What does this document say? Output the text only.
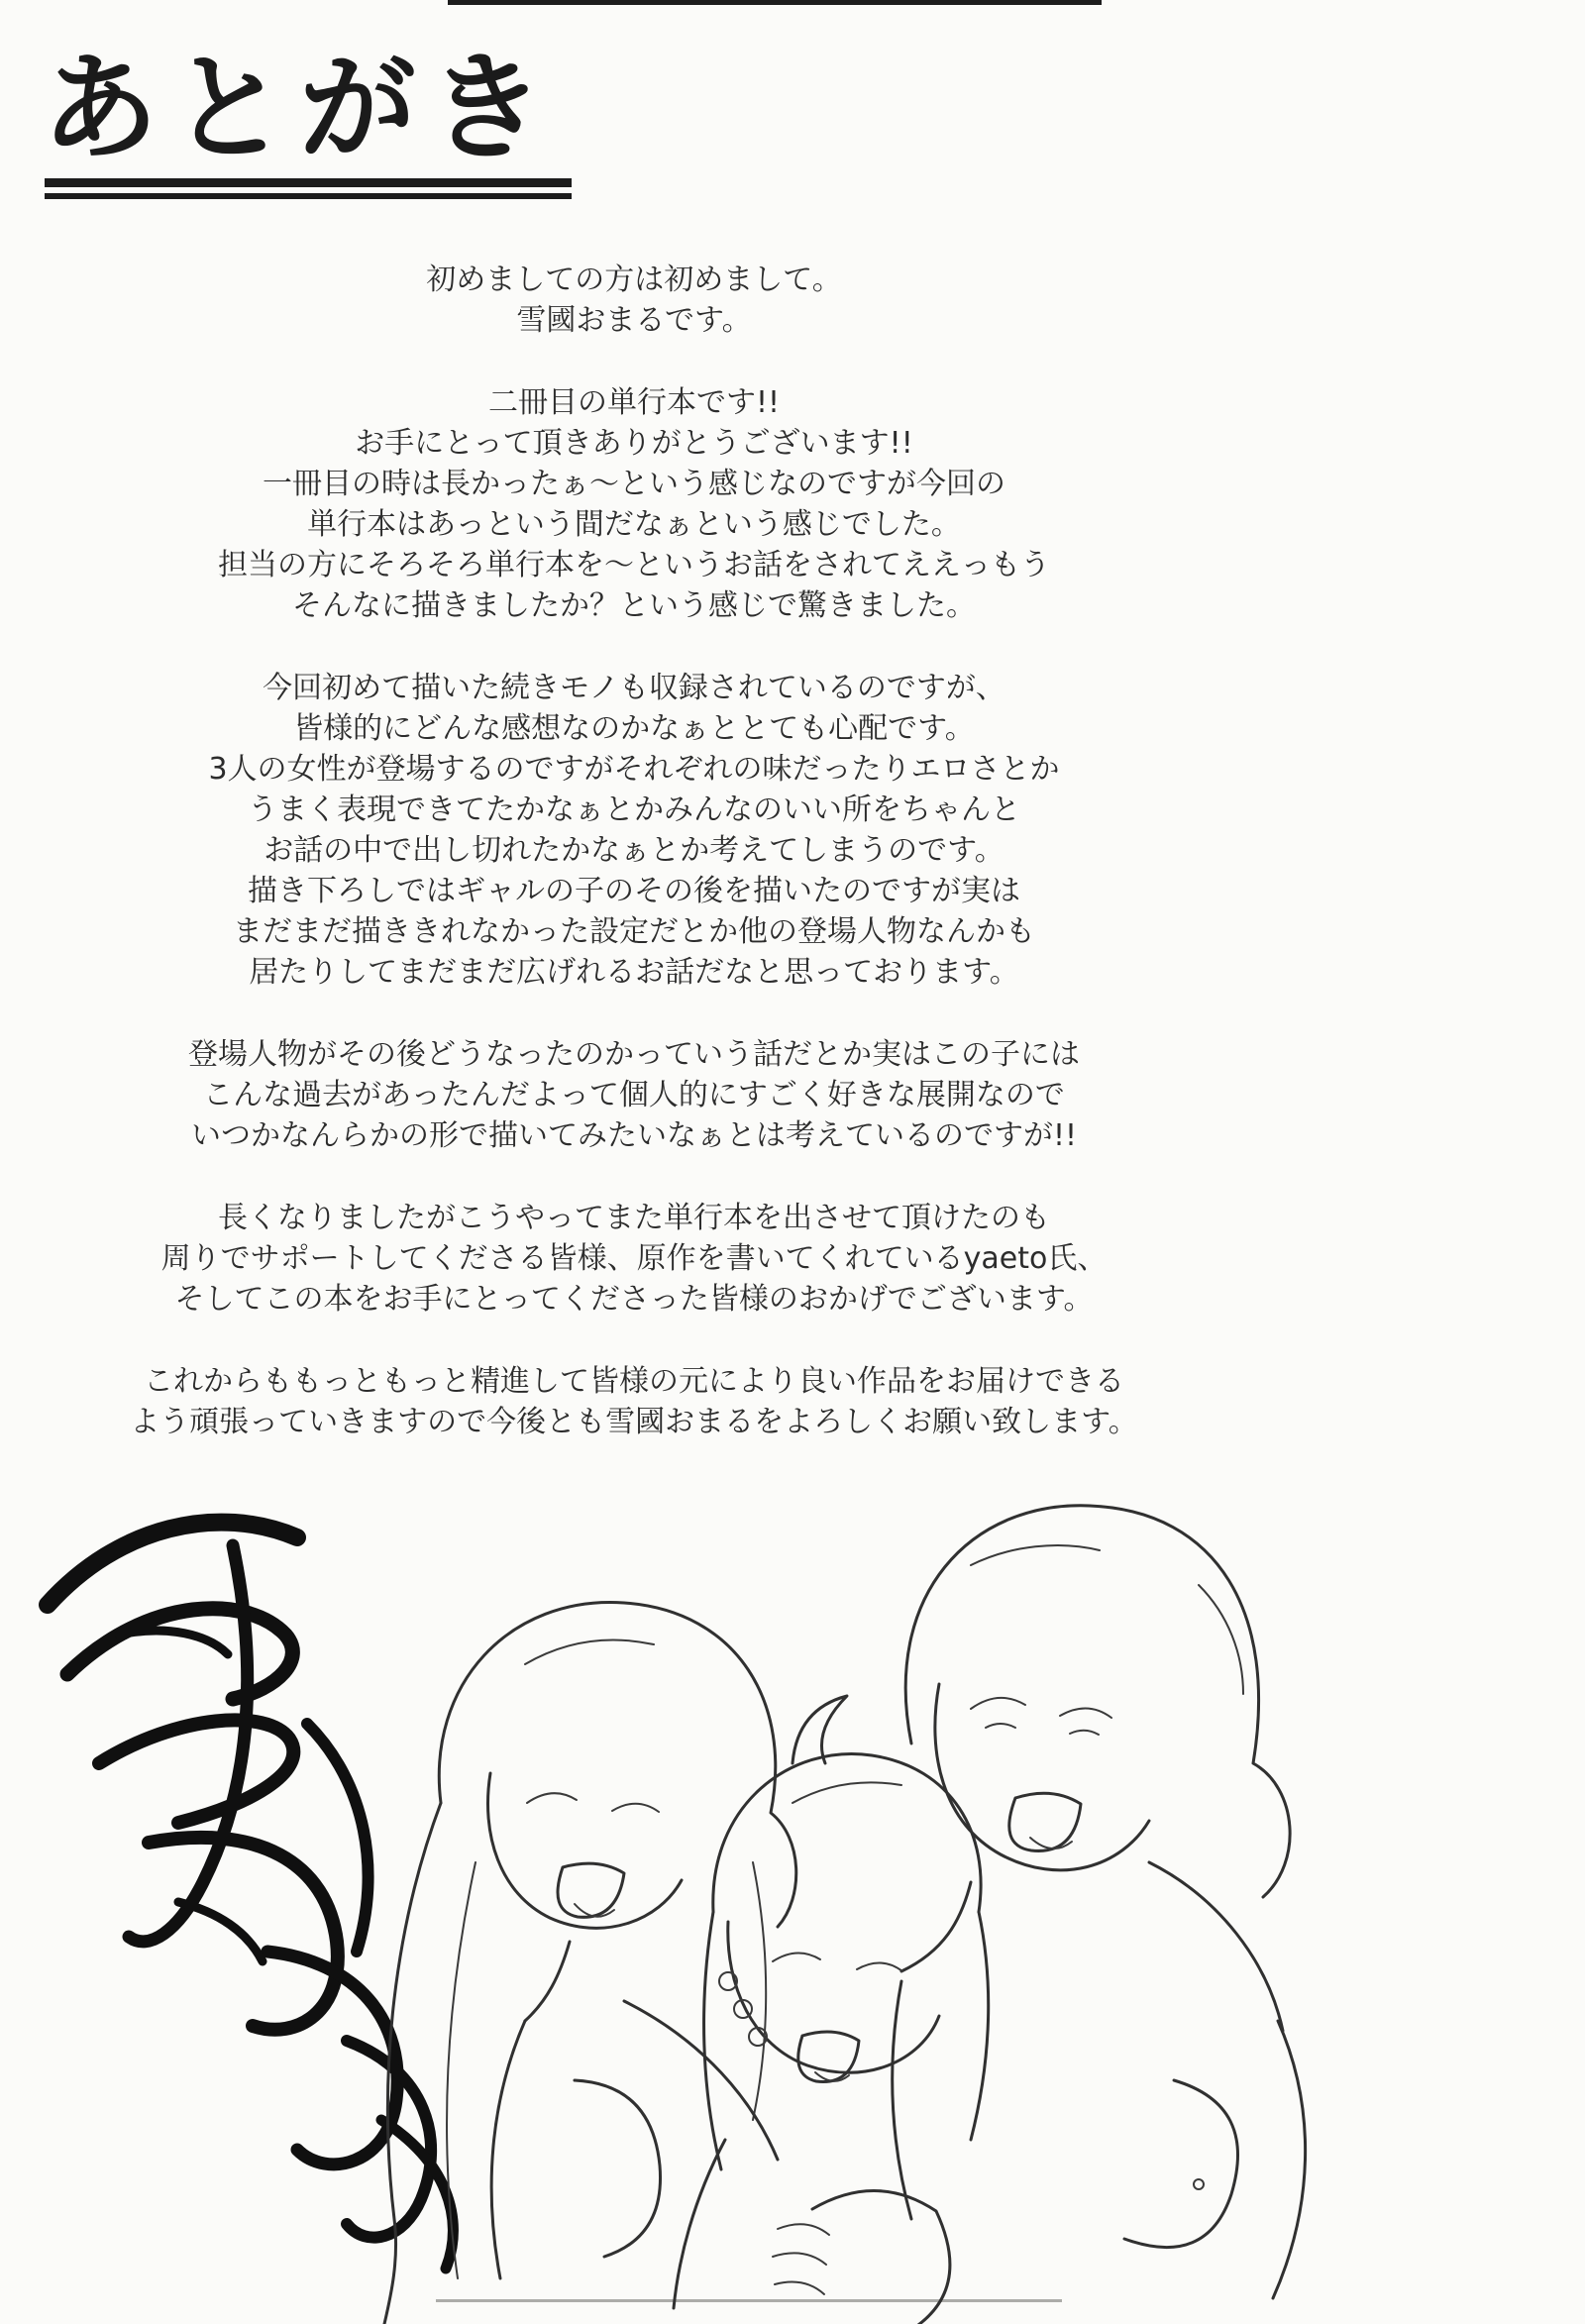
あとがき

初めましての方は初めまして。
雪國おまるです。

二冊目の単行本です!!
お手にとって頂きありがとうございます!!
一冊目の時は長かったぁ～という感じなのですが今回の
単行本はあっという間だなぁという感じでした。
担当の方にそろそろ単行本を～というお話をされてええっもう
そんなに描きましたか？という感じで驚きました。

今回初めて描いた続きモノも収録されているのですが、
皆様的にどんな感想なのかなぁととても心配です。
3人の女性が登場するのですがそれぞれの味だったりエロさとか
うまく表現できてたかなぁとかみんなのいい所をちゃんと
お話の中で出し切れたかなぁとか考えてしまうのです。
描き下ろしではギャルの子のその後を描いたのですが実は
まだまだ描ききれなかった設定だとか他の登場人物なんかも
居たりしてまだまだ広げれるお話だなと思っております。

登場人物がその後どうなったのかっていう話だとか実はこの子には
こんな過去があったんだよって個人的にすごく好きな展開なので
いつかなんらかの形で描いてみたいなぁとは考えているのですが!!

長くなりましたがこうやってまた単行本を出させて頂けたのも
周りでサポートしてくださる皆様、原作を書いてくれているyaeto氏、
そしてこの本をお手にとってくださった皆様のおかげでございます。

これからももっともっと精進して皆様の元により良い作品をお届けできる
よう頑張っていきますので今後とも雪國おまるをよろしくお願い致します。
